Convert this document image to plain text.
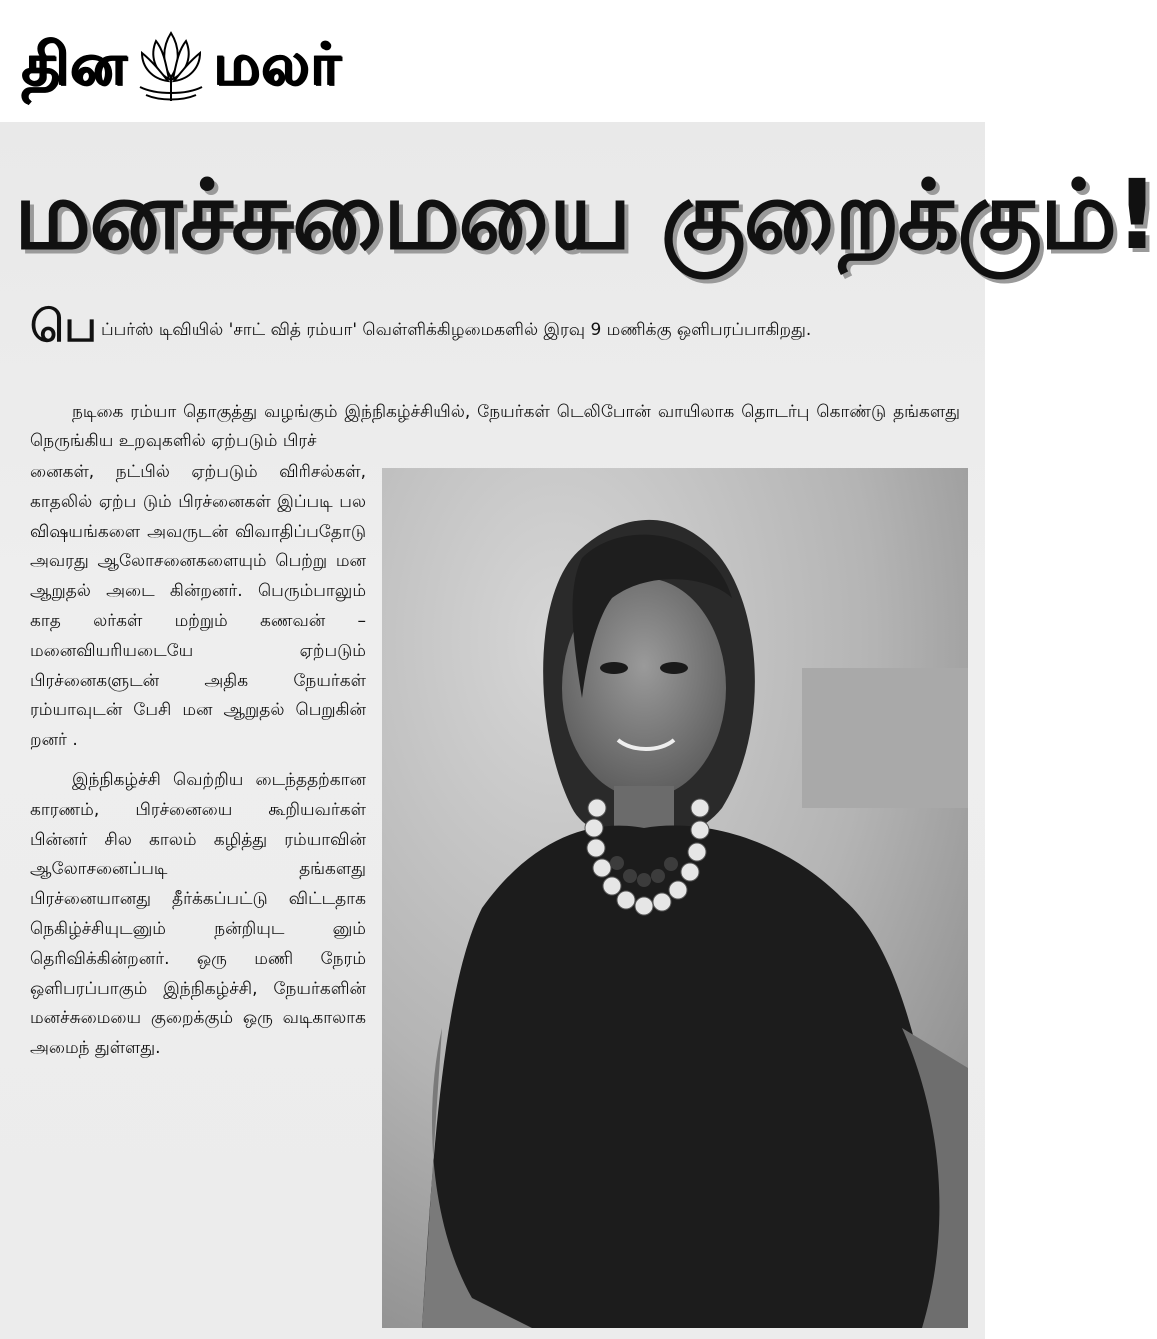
தின மலர்
மனச்சுமையை குறைக்கும்!
பெப்பர்ஸ் டிவியில் 'சாட் வித் ரம்யா' வெள்ளிக்கிழமைகளில் இரவு 9 மணிக்கு ஒளிபரப்பாகிறது.
நடிகை ரம்யா தொகுத்து வழங்கும் இந்நிகழ்ச்சியில், நேயர்கள் டெலிபோன் வாயிலாக தொடர்பு கொண்டு தங்களது நெருங்கிய உறவுகளில் ஏற்படும் பிரச்

னைகள், நட்பில் ஏற்படும் விரிசல்கள், காதலில் ஏற்ப டும் பிரச்னைகள் இப்படி பல விஷயங்களை அவருடன் விவாதிப்பதோடு அவரது ஆலோசனைகளையும் பெற்று மன ஆறுதல் அடை கின்றனர். பெரும்பாலும் காத லர்கள் மற்றும் கணவன் – மனைவியரியடையே ஏற்படும் பிரச்னைகளுடன் அதிக நேயர்கள் ரம்யாவுடன் பேசி மன ஆறுதல் பெறுகின் றனர் .

இந்நிகழ்ச்சி வெற்றிய டைந்ததற்கான காரணம், பிரச்னையை கூறியவர்கள் பின்னர் சில காலம் கழித்து ரம்யாவின் ஆலோசனைப்படி தங்களது பிரச்னையானது தீர்க்கப்பட்டு விட்டதாக நெகிழ்ச்சியுடனும் நன்றியுட னும் தெரிவிக்கின்றனர். ஒரு மணி நேரம் ஒளிபரப்பாகும் இந்நிகழ்ச்சி, நேயர்களின் மனச்சுமையை குறைக்கும் ஒரு வடிகாலாக அமைந் துள்ளது.
